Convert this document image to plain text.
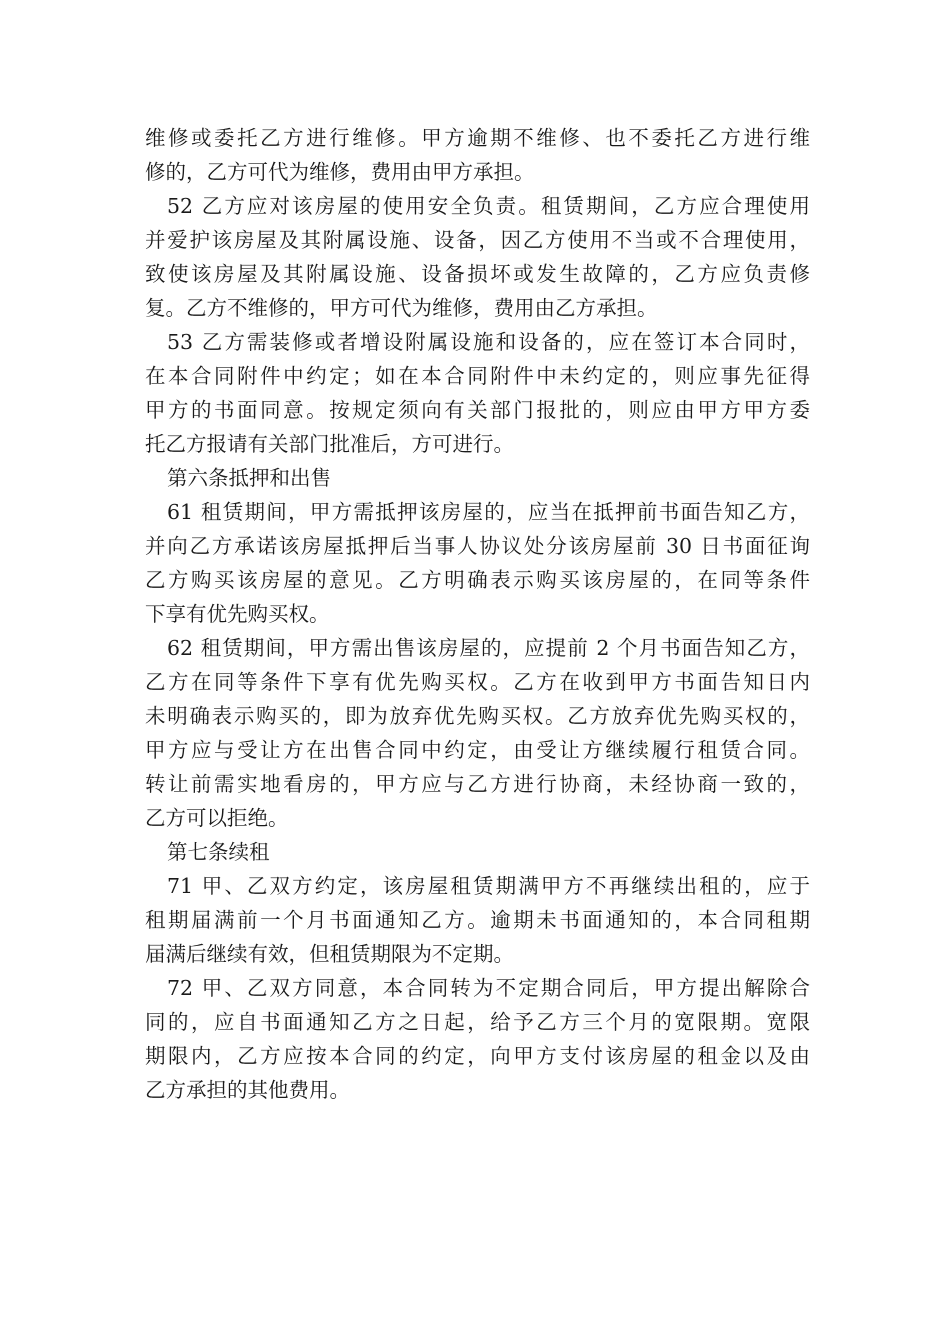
维修或委托乙方进行维修。甲方逾期不维修、也不委托乙方进行维
修的，乙方可代为维修，费用由甲方承担。
52 乙方应对该房屋的使用安全负责。租赁期间，乙方应合理使用
并爱护该房屋及其附属设施、设备，因乙方使用不当或不合理使用，
致使该房屋及其附属设施、设备损坏或发生故障的，乙方应负责修
复。乙方不维修的，甲方可代为维修，费用由乙方承担。
53 乙方需装修或者增设附属设施和设备的，应在签订本合同时，
在本合同附件中约定；如在本合同附件中未约定的，则应事先征得
甲方的书面同意。按规定须向有关部门报批的，则应由甲方甲方委
托乙方报请有关部门批准后，方可进行。
第六条抵押和出售
61 租赁期间，甲方需抵押该房屋的，应当在抵押前书面告知乙方，
并向乙方承诺该房屋抵押后当事人协议处分该房屋前 30 日书面征询
乙方购买该房屋的意见。乙方明确表示购买该房屋的，在同等条件
下享有优先购买权。
62 租赁期间，甲方需出售该房屋的，应提前 2 个月书面告知乙方，
乙方在同等条件下享有优先购买权。乙方在收到甲方书面告知日内
未明确表示购买的，即为放弃优先购买权。乙方放弃优先购买权的，
甲方应与受让方在出售合同中约定，由受让方继续履行租赁合同。
转让前需实地看房的，甲方应与乙方进行协商，未经协商一致的，
乙方可以拒绝。
第七条续租
71 甲、乙双方约定，该房屋租赁期满甲方不再继续出租的，应于
租期届满前一个月书面通知乙方。逾期未书面通知的，本合同租期
届满后继续有效，但租赁期限为不定期。
72 甲、乙双方同意，本合同转为不定期合同后，甲方提出解除合
同的，应自书面通知乙方之日起，给予乙方三个月的宽限期。宽限
期限内，乙方应按本合同的约定，向甲方支付该房屋的租金以及由
乙方承担的其他费用。
